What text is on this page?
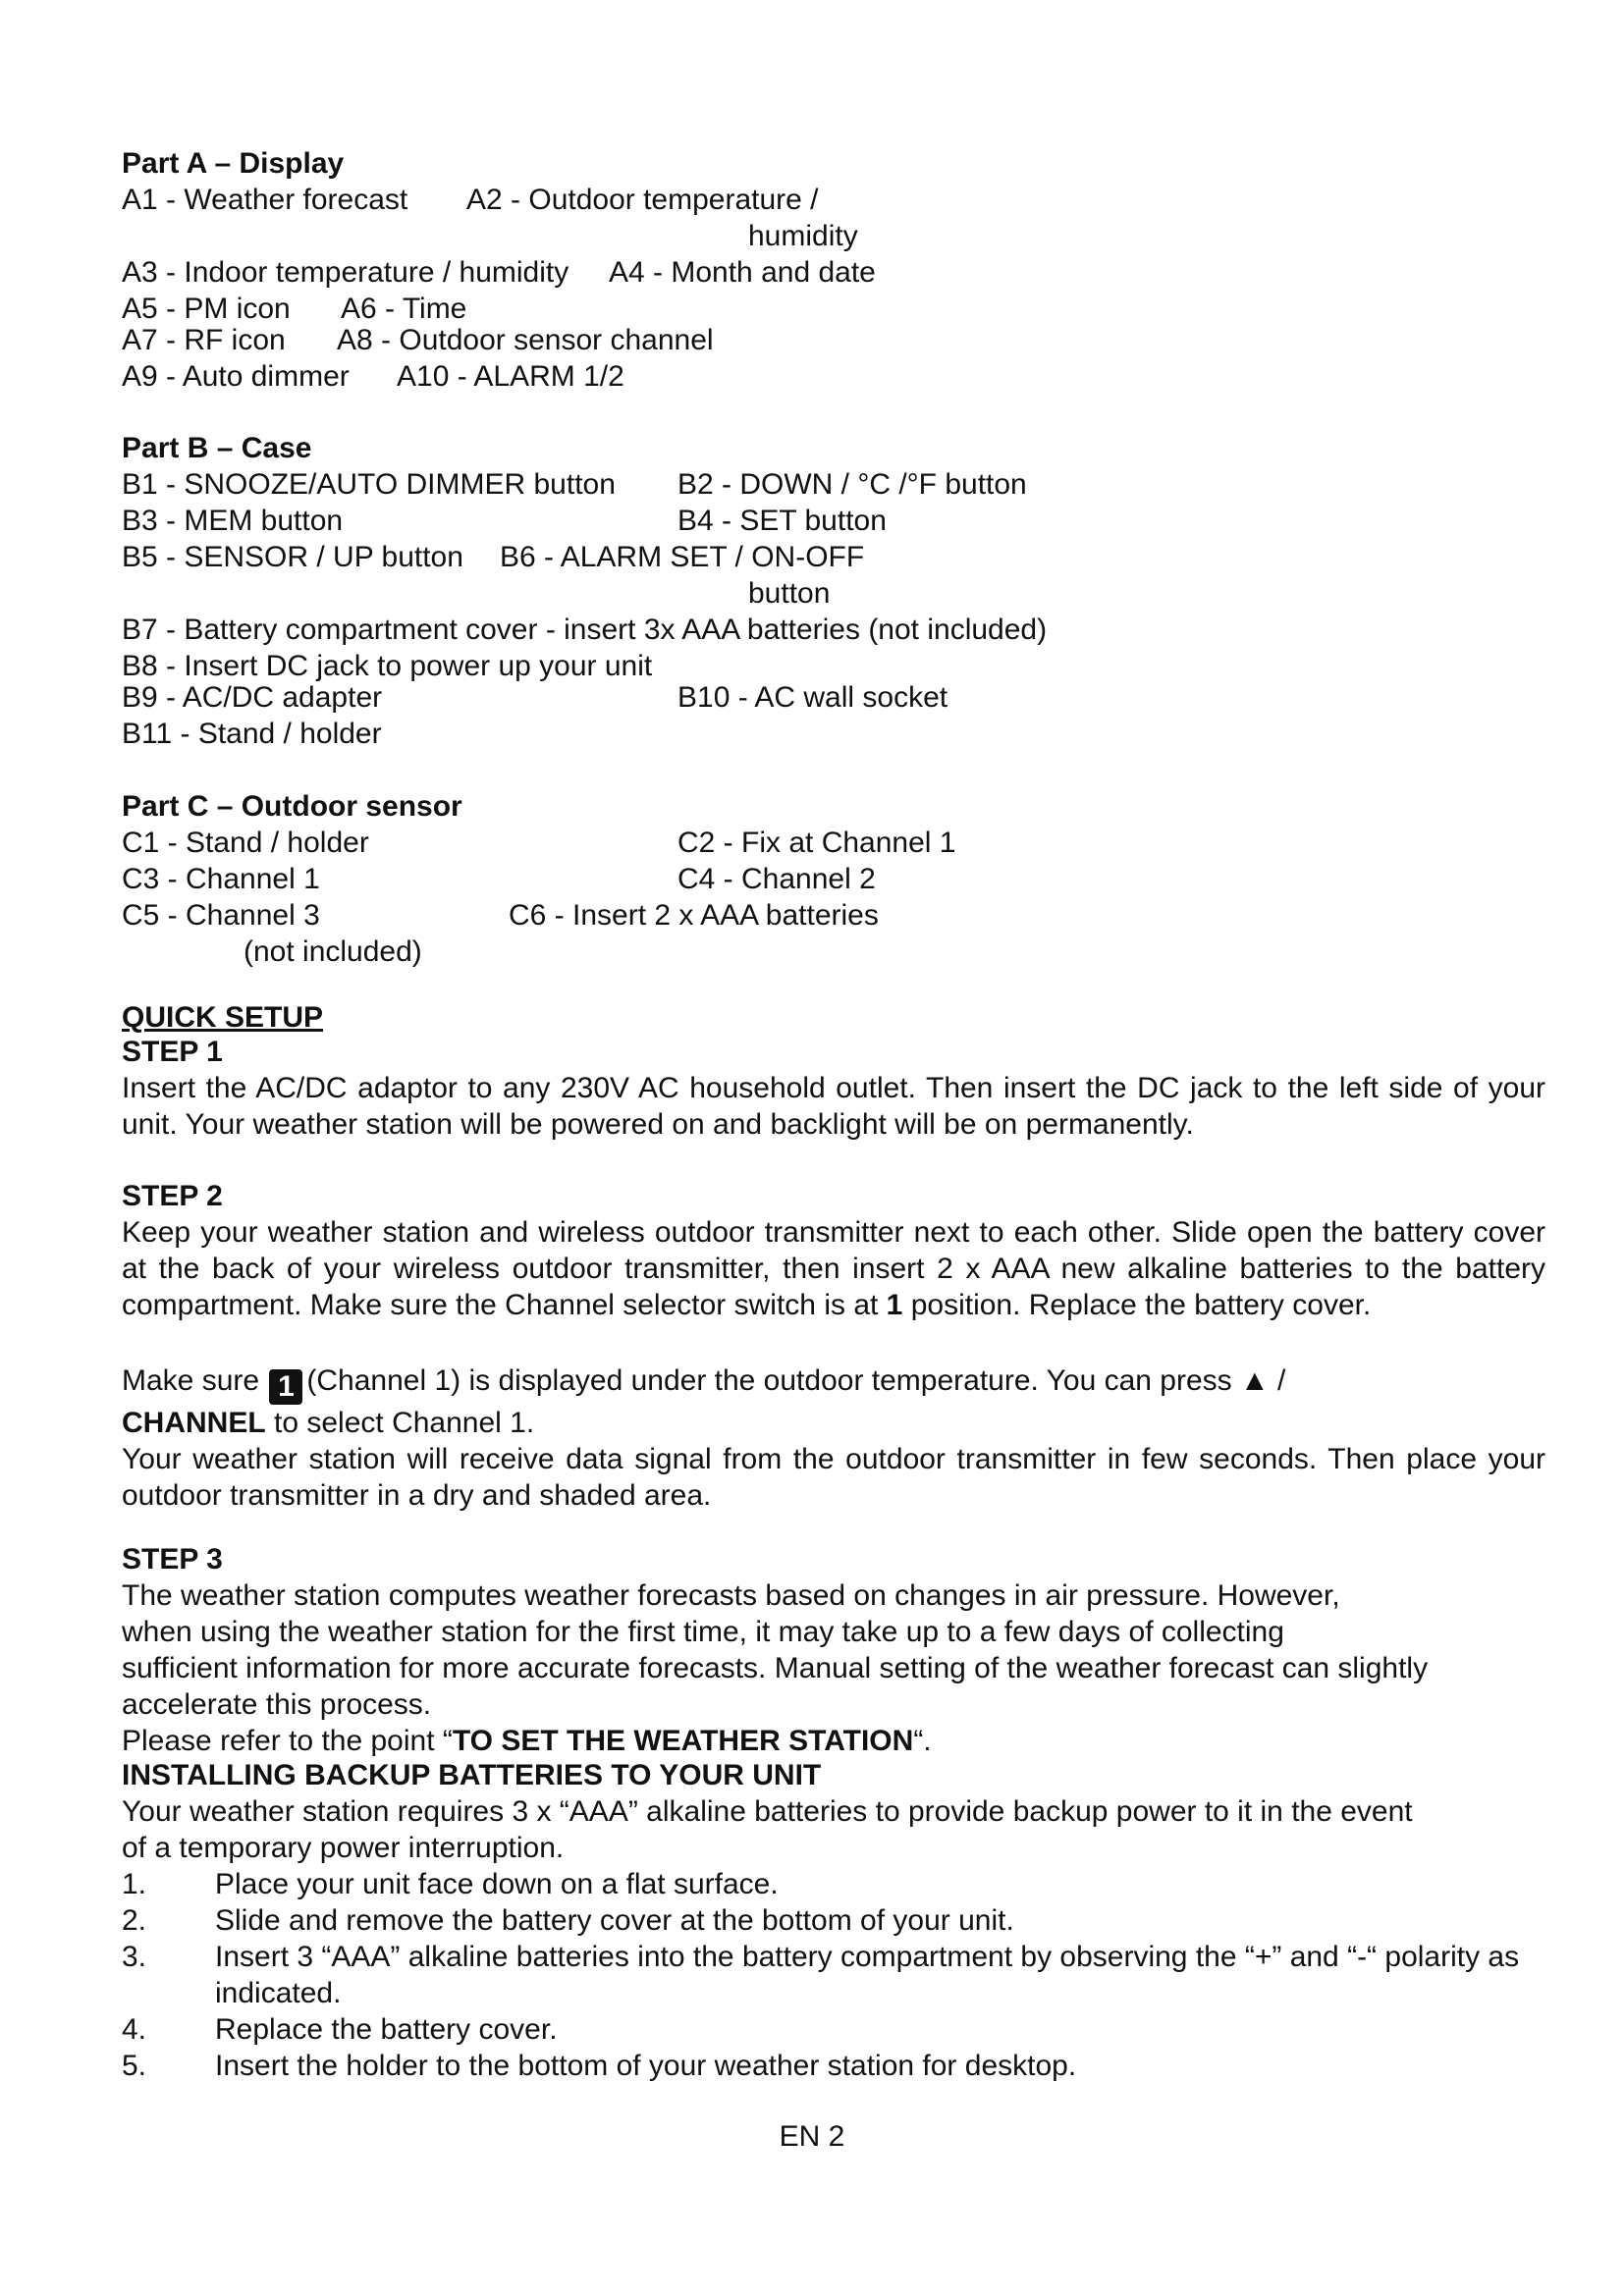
Part A – Display
A1 - Weather forecast A2 - Outdoor temperature /
humidity
A3 - Indoor temperature / humidity A4 - Month and date
A5 - PM icon A6 - Time
A7 - RF icon A8 - Outdoor sensor channel
A9 - Auto dimmer A10 - ALARM 1/2
Part B – Case
B1 - SNOOZE/AUTO DIMMER button B2 - DOWN / °C /°F button
B3 - MEM button	B4 - SET button
B5 - SENSOR / UP button B6 - ALARM SET / ON-OFF
button
B7 - Battery compartment cover - insert 3x AAA batteries (not included)
B8 - Insert DC jack to power up your unit
B9 - AC/DC adapter	B10 - AC wall socket
B11 - Stand / holder
Part C – Outdoor sensor
C1 - Stand / holder	C2 - Fix at Channel 1
C3 - Channel 1	C4 - Channel 2
C5 - Channel 3	C6 - Insert 2 x AAA batteries
(not included)
QUICK SETUP
STEP 1

Insert the AC/DC adaptor to any 230V AC household outlet. Then insert the DC jack to the left side of your unit. Your weather station will be powered on and backlight will be on permanently.

STEP 2

Keep your weather station and wireless outdoor transmitter next to each other. Slide open the battery cover at the back of your wireless outdoor transmitter, then insert 2 x AAA new alkaline batteries to the battery compartment. Make sure the Channel selector switch is at 1 position. Replace the battery cover.

Make sure 1 (Channel 1) is displayed under the outdoor temperature. You can press ▲ /

CHANNEL to select Channel 1.

Your weather station will receive data signal from the outdoor transmitter in few seconds. Then place your outdoor transmitter in a dry and shaded area.

STEP 3

The weather station computes weather forecasts based on changes in air pressure. However,

when using the weather station for the first time, it may take up to a few days of collecting

sufficient information for more accurate forecasts. Manual setting of the weather forecast can slightly

accelerate this process.

Please refer to the point “TO SET THE WEATHER STATION“.

INSTALLING BACKUP BATTERIES TO YOUR UNIT

Your weather station requires 3 x “AAA” alkaline batteries to provide backup power to it in the event

of a temporary power interruption.

1. Place your unit face down on a flat surface.
2. Slide and remove the battery cover at the bottom of your unit.
3. Insert 3 “AAA” alkaline batteries into the battery compartment by observing the “+” and “-“ polarity as indicated.
4. Replace the battery cover.
5. Insert the holder to the bottom of your weather station for desktop.
EN 2
